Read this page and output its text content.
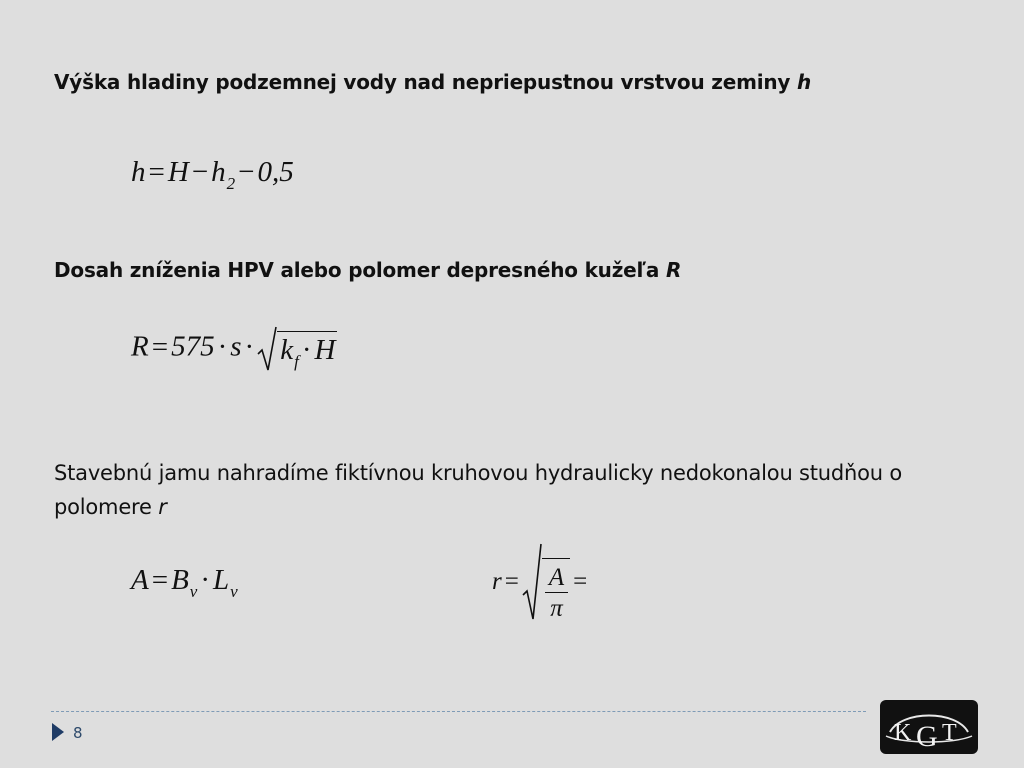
Výška hladiny podzemnej vody nad nepriepustnou vrstvou zeminy h
$h = H - h_2 - 0,5$
Dosah zníženia HPV alebo polomer depresného kužeľa R
$R = 575 \cdot s \cdot k_f \cdot H$
Stavebnú jamu nahradíme fiktívnou kruhovou hydraulicky nedokonalou studňou o polomere r
$A = B_v \cdot L_v$	$r = \frac{A}{\pi}$ =
8	K G T
